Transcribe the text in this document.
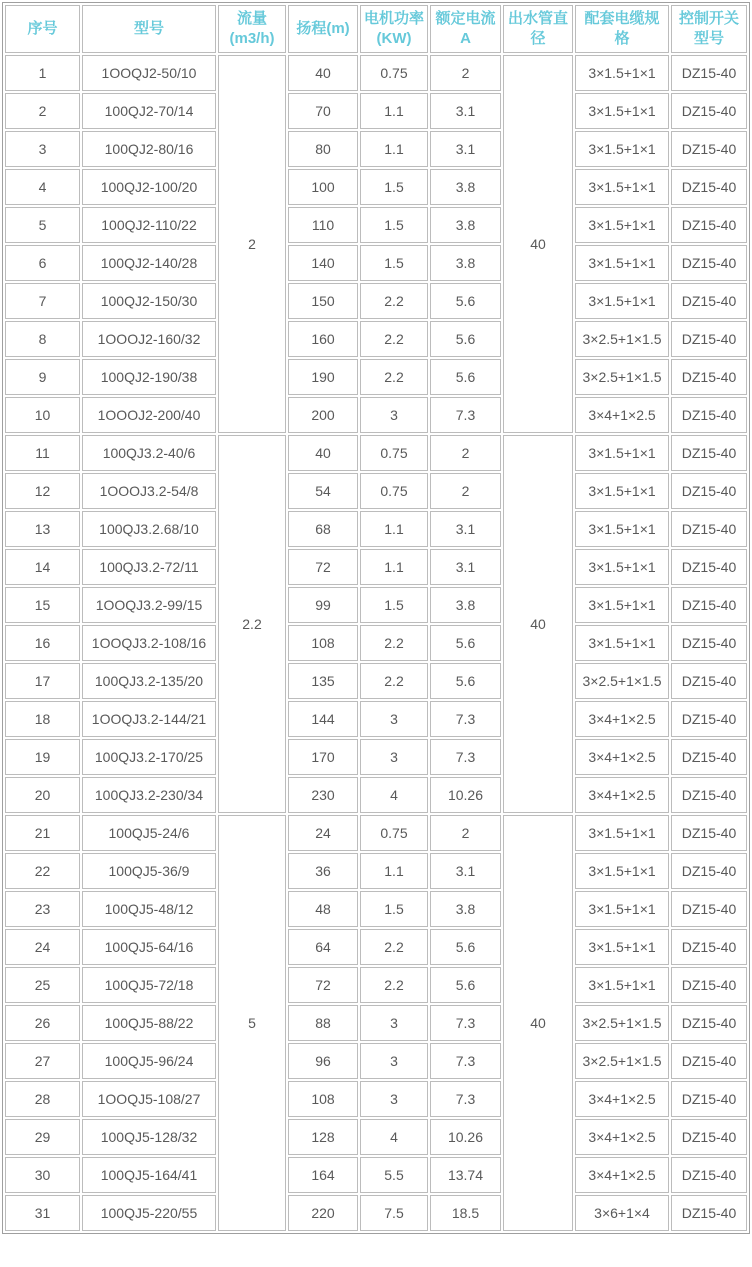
序号	型号	流量 (m3/h)	扬程(m)	电机功率 (KW)	额定电流 A	出水管直径	配套电缆规格	控制开关型号
1	1OOQJ2-50/10	2	40	0.75	2	40	3×1.5+1×1	DZ15-40
2	100QJ2-70/14		70	1.1	3.1		3×1.5+1×1	DZ15-40
3	100QJ2-80/16		80	1.1	3.1		3×1.5+1×1	DZ15-40
4	100QJ2-100/20		100	1.5	3.8		3×1.5+1×1	DZ15-40
5	100QJ2-110/22		110	1.5	3.8		3×1.5+1×1	DZ15-40
6	100QJ2-140/28		140	1.5	3.8		3×1.5+1×1	DZ15-40
7	100QJ2-150/30		150	2.2	5.6		3×1.5+1×1	DZ15-40
8	1OOOJ2-160/32		160	2.2	5.6		3×2.5+1×1.5	DZ15-40
9	100QJ2-190/38		190	2.2	5.6		3×2.5+1×1.5	DZ15-40
10	1OOOJ2-200/40		200	3	7.3		3×4+1×2.5	DZ15-40
11	100QJ3.2-40/6	2.2	40	0.75	2	40	3×1.5+1×1	DZ15-40
12	1OOOJ3.2-54/8		54	0.75	2		3×1.5+1×1	DZ15-40
13	100QJ3.2.68/10		68	1.1	3.1		3×1.5+1×1	DZ15-40
14	100QJ3.2-72/11		72	1.1	3.1		3×1.5+1×1	DZ15-40
15	1OOQJ3.2-99/15		99	1.5	3.8		3×1.5+1×1	DZ15-40
16	1OOQJ3.2-108/16		108	2.2	5.6		3×1.5+1×1	DZ15-40
17	100QJ3.2-135/20		135	2.2	5.6		3×2.5+1×1.5	DZ15-40
18	1OOQJ3.2-144/21		144	3	7.3		3×4+1×2.5	DZ15-40
19	100QJ3.2-170/25		170	3	7.3		3×4+1×2.5	DZ15-40
20	100QJ3.2-230/34		230	4	10.26		3×4+1×2.5	DZ15-40
21	100QJ5-24/6	5	24	0.75	2	40	3×1.5+1×1	DZ15-40
22	100QJ5-36/9		36	1.1	3.1		3×1.5+1×1	DZ15-40
23	100QJ5-48/12		48	1.5	3.8		3×1.5+1×1	DZ15-40
24	100QJ5-64/16		64	2.2	5.6		3×1.5+1×1	DZ15-40
25	100QJ5-72/18		72	2.2	5.6		3×1.5+1×1	DZ15-40
26	100QJ5-88/22		88	3	7.3		3×2.5+1×1.5	DZ15-40
27	100QJ5-96/24		96	3	7.3		3×2.5+1×1.5	DZ15-40
28	1OOQJ5-108/27		108	3	7.3		3×4+1×2.5	DZ15-40
29	100QJ5-128/32		128	4	10.26		3×4+1×2.5	DZ15-40
30	100QJ5-164/41		164	5.5	13.74		3×4+1×2.5	DZ15-40
31	100QJ5-220/55		220	7.5	18.5		3×6+1×4	DZ15-40
